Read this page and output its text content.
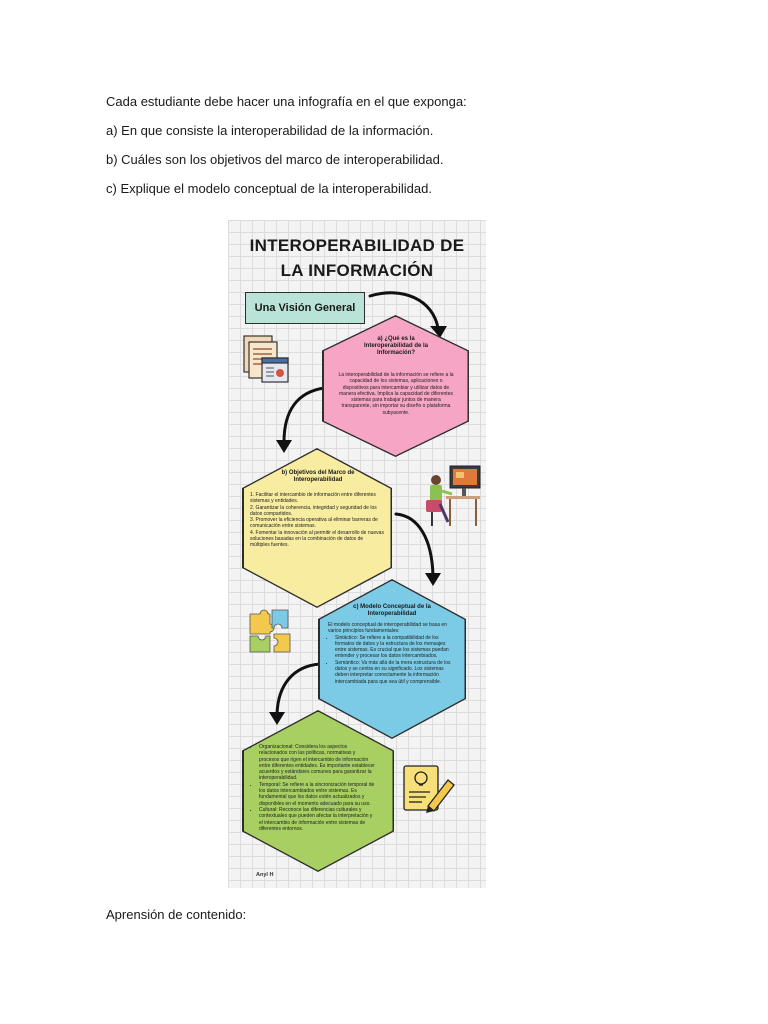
Cada estudiante debe hacer una infografía en el que exponga:
a) En que consiste la interoperabilidad de la información.
b) Cuáles son los objetivos del marco de interoperabilidad.
c) Explique el modelo conceptual de la interoperabilidad.
INTEROPERABILIDAD DE
LA INFORMACIÓN
Una Visión General
a) ¿Qué es la Interoperabilidad de la Información?
La interoperabilidad de la información se refiere a la capacidad de los sistemas, aplicaciones o dispositivos para intercambiar y utilizar datos de manera efectiva. Implica la capacidad de diferentes sistemas para trabajar juntos de manera transparente, sin importar su diseño o plataforma subyacente.
b) Objetivos del Marco de Interoperabilidad

1. Facilitar el intercambio de información entre diferentes sistemas y entidades.

2. Garantizar la coherencia, integridad y seguridad de los datos compartidos.

3. Promover la eficiencia operativa al eliminar barreras de comunicación entre sistemas.

4. Fomentar la innovación al permitir el desarrollo de nuevas soluciones basadas en la combinación de datos de múltiples fuentes.

c) Modelo Conceptual de la Interoperabilidad

El modelo conceptual de interoperabilidad se basa en varios principios fundamentales:

• Sintáctico: Se refiere a la compatibilidad de los formatos de datos y la estructura de los mensajes entre sistemas. Es crucial que los sistemas puedan entender y procesar los datos intercambiados.
• Semántico: Va más allá de la mera estructura de los datos y se centra en su significado. Los sistemas deben interpretar correctamente la información intercambiada para que sea útil y comprensible.
• Organizacional: Considera los aspectos relacionados con las políticas, normativas y procesos que rigen el intercambio de información entre diferentes entidades. Es importante establecer acuerdos y estándares comunes para garantizar la interoperabilidad.
• Temporal: Se refiere a la sincronización temporal de los datos intercambiados entre sistemas. Es fundamental que los datos estén actualizados y disponibles en el momento adecuado para su uso.
• Cultural: Reconoce las diferencias culturales y contextuales que pueden afectar la interpretación y el intercambio de información entre sistemas de diferentes entornos.
Anyl H
Aprensión de contenido:
